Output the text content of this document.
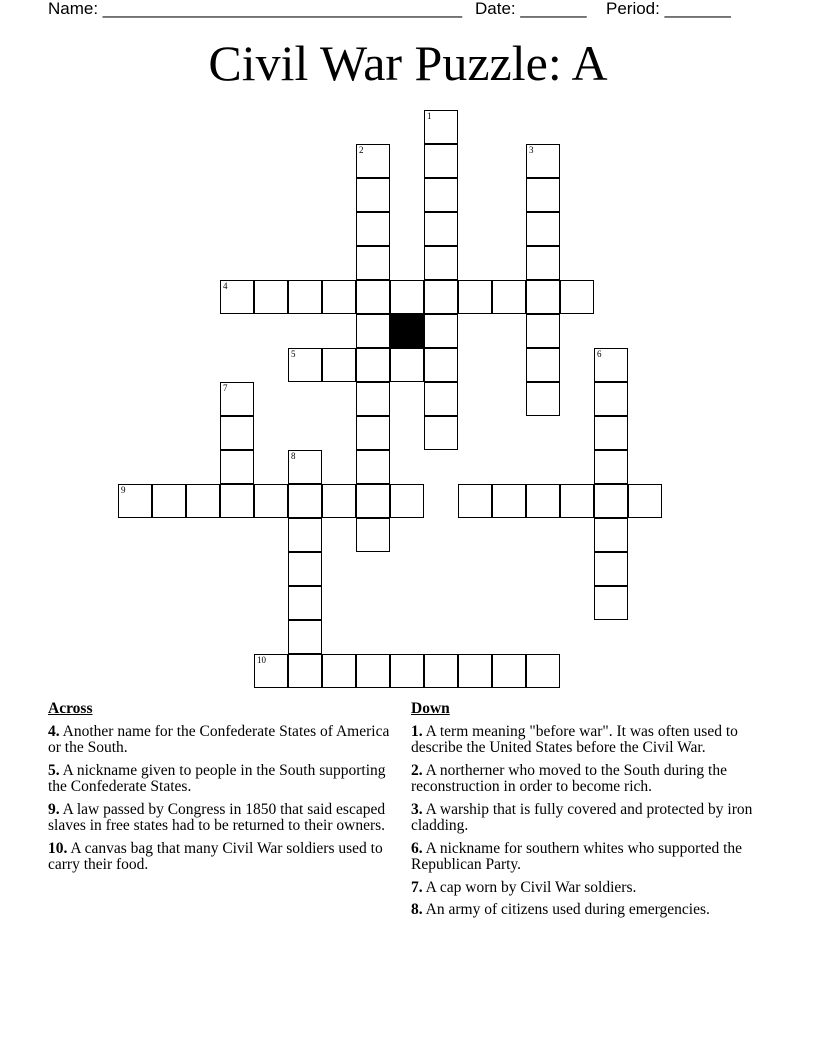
Name: ______________________________________ Date: _______ Period: _______
Civil War Puzzle: A
1
2	3
4
5	6
7
8
9
10
Across
4. Another name for the Confederate States of America or the South.
5. A nickname given to people in the South supporting the Confederate States.
9. A law passed by Congress in 1850 that said escaped slaves in free states had to be returned to their owners.
10. A canvas bag that many Civil War soldiers used to carry their food.
Down
1. A term meaning "before war". It was often used to describe the United States before the Civil War.
2. A northerner who moved to the South during the reconstruction in order to become rich.
3. A warship that is fully covered and protected by iron cladding.
6. A nickname for southern whites who supported the Republican Party.
7. A cap worn by Civil War soldiers.
8. An army of citizens used during emergencies.
